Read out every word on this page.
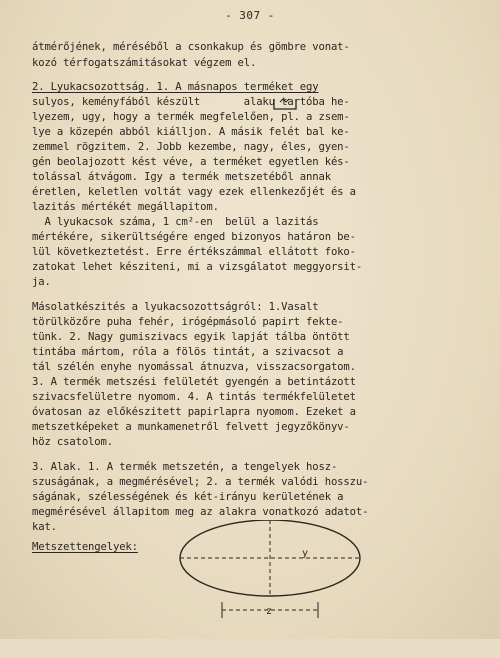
- 307 -
átmérőjének, méréséből a csonkakup és gömbre vonat-
kozó térfogatszámitásokat végzem el.
2. Lyukacsozottság. 1. A másnapos terméket egy
sulyos, keményfából készült       alaku tartóba he-
lyezem, ugy, hogy a termék megfelelően, pl. a zsem-
lye a közepén abból kiálljon. A másik felét bal ke-
zemmel rögzitem. 2. Jobb kezembe, nagy, éles, gyen-
gén beolajozott kést véve, a terméket egyetlen kés-
tolással átvágom. Igy a termék metszetéből annak
éretlen, keletlen voltát vagy ezek ellenkezőjét és a
lazitás mértékét megállapitom.
A lyukacsok száma, 1 cm²-en  belül a lazitás
mértékére, sikerültségére enged bizonyos határon be-
lül következtetést. Erre értékszámmal ellátott foko-
zatokat lehet késziteni, mi a vizsgálatot meggyorsit-
ja.
Másolatkészités a lyukacsozottságról: 1.Vasalt
törülközőre puha fehér, irógépmásoló papirt fekte-
tünk. 2. Nagy gumiszivacs egyik lapját tálba öntött
tintába mártom, róla a fölös tintát, a szivacsot a
tál szélén enyhe nyomással átnuzva, visszacsorgatom.
3. A termék metszési felületét gyengén a betintázott
szivacsfelületre nyomom. 4. A tintás termékfelületet
óvatosan az előkészitett papirlapra nyomom. Ezeket a
metszetképeket a munkamenetről felvett jegyzőkönyv-
höz csatolom.
3. Alak. 1. A termék metszetén, a tengelyek hosz-
szuságának, a megmérésével; 2. a termék valódi hosszu-
ságának, szélességének és két-irányu kerületének a
megmérésével állapitom meg az alakra vonatkozó adatot-
kat.
Metszettengelyek:
y
z
